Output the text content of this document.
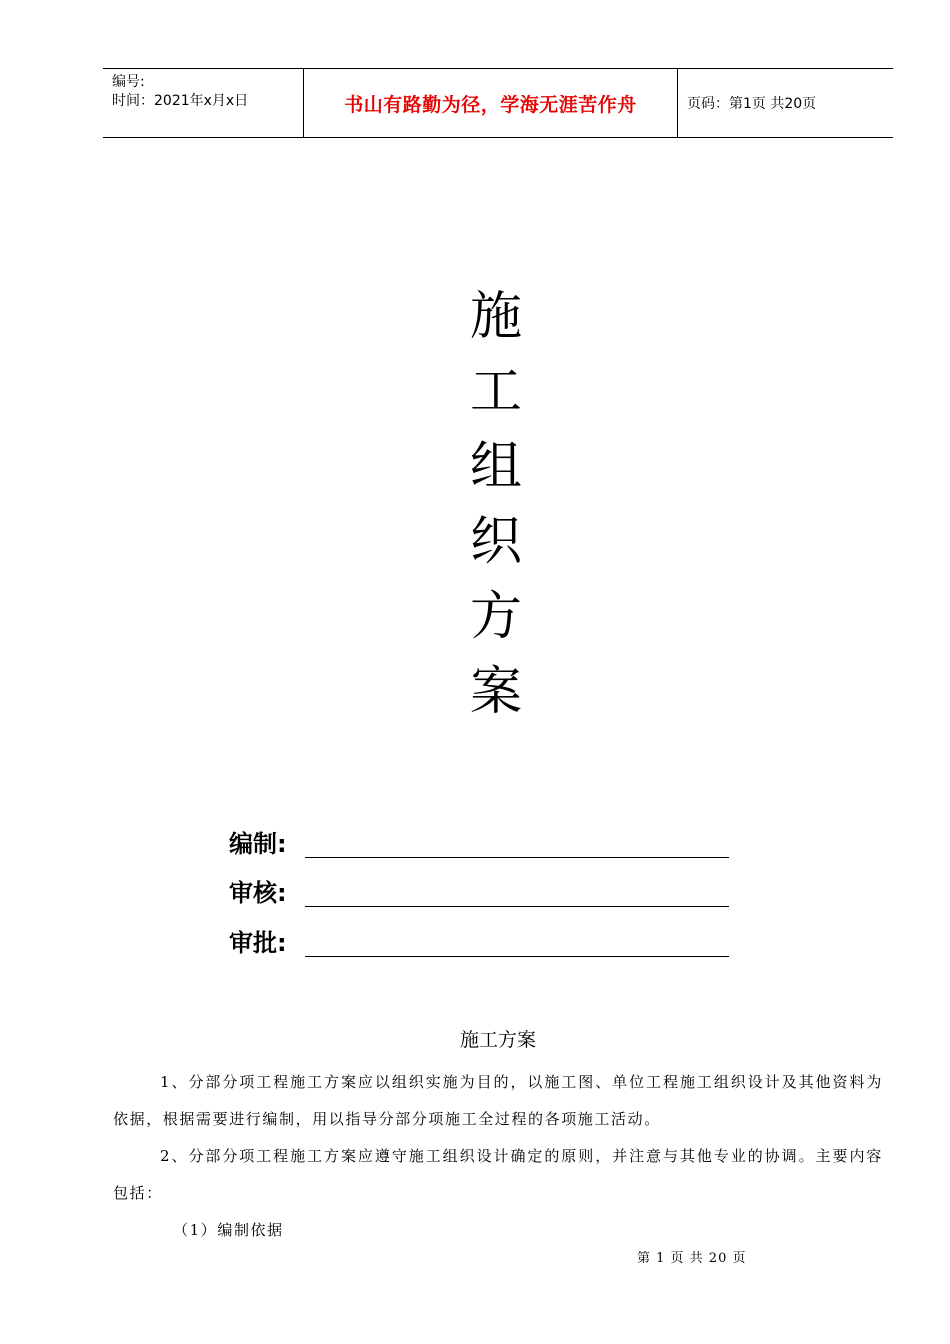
编号:
时间：2021年x月x日	书山有路勤为径，学海无涯苦作舟	页码：第1页 共20页
施
工
组
织
方
案
编制:
审核:
审批:
施工方案

1、分部分项工程施工方案应以组织实施为目的，以施工图、单位工程施工组织设计及其他资料为依据，根据需要进行编制，用以指导分部分项施工全过程的各项施工活动。

2、分部分项工程施工方案应遵守施工组织设计确定的原则，并注意与其他专业的协调。主要内容包括：

（1）编制依据

第 1 页 共 20 页
